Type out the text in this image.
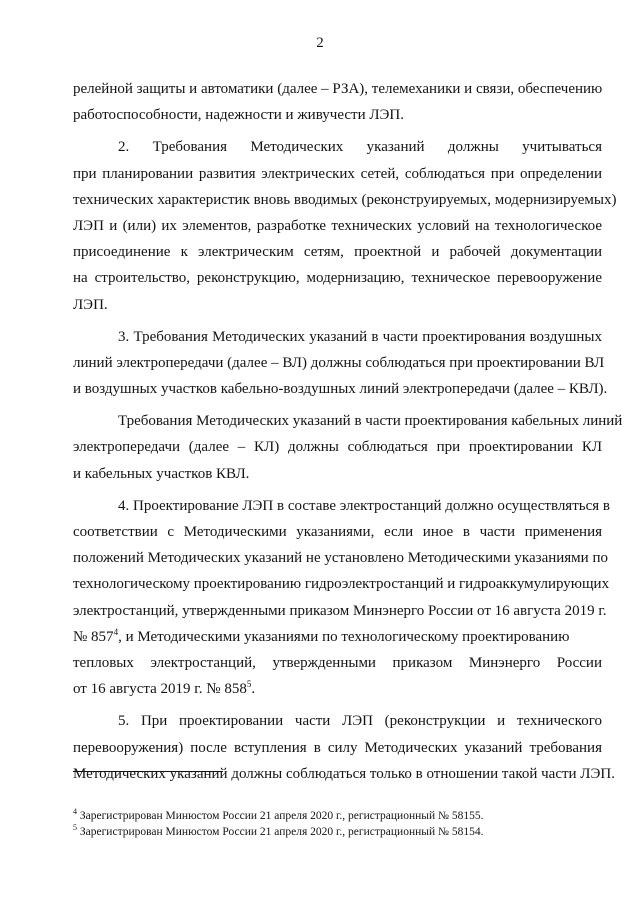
2
релейной защиты и автоматики (далее – РЗА), телемеханики и связи, обеспечению
работоспособности, надежности и живучести ЛЭП.
2. Требования Методических указаний должны учитываться
при планировании развития электрических сетей, соблюдаться при определении
технических характеристик вновь вводимых (реконструируемых, модернизируемых)
ЛЭП и (или) их элементов, разработке технических условий на технологическое
присоединение к электрическим сетям, проектной и рабочей документации
на строительство, реконструкцию, модернизацию, техническое перевооружение
ЛЭП.
3. Требования Методических указаний в части проектирования воздушных
линий электропередачи (далее – ВЛ) должны соблюдаться при проектировании ВЛ
и воздушных участков кабельно-воздушных линий электропередачи (далее – КВЛ).
Требования Методических указаний в части проектирования кабельных линий
электропередачи (далее – КЛ) должны соблюдаться при проектировании КЛ
и кабельных участков КВЛ.
4. Проектирование ЛЭП в составе электростанций должно осуществляться в
соответствии с Методическими указаниями, если иное в части применения
положений Методических указаний не установлено Методическими указаниями по
технологическому проектированию гидроэлектростанций и гидроаккумулирующих
электростанций, утвержденными приказом Минэнерго России от 16 августа 2019 г.
№ $857^4$, и Методическими указаниями по технологическому проектированию
тепловых электростанций, утвержденными приказом Минэнерго России
от 16 августа 2019 г. № $858^5$.
5. При проектировании части ЛЭП (реконструкции и технического
перевооружения) после вступления в силу Методических указаний требования
Методических указаний должны соблюдаться только в отношении такой части ЛЭП.
$^4$ Зарегистрирован Минюстом России 21 апреля 2020 г., регистрационный № 58155.
$^5$ Зарегистрирован Минюстом России 21 апреля 2020 г., регистрационный № 58154.
